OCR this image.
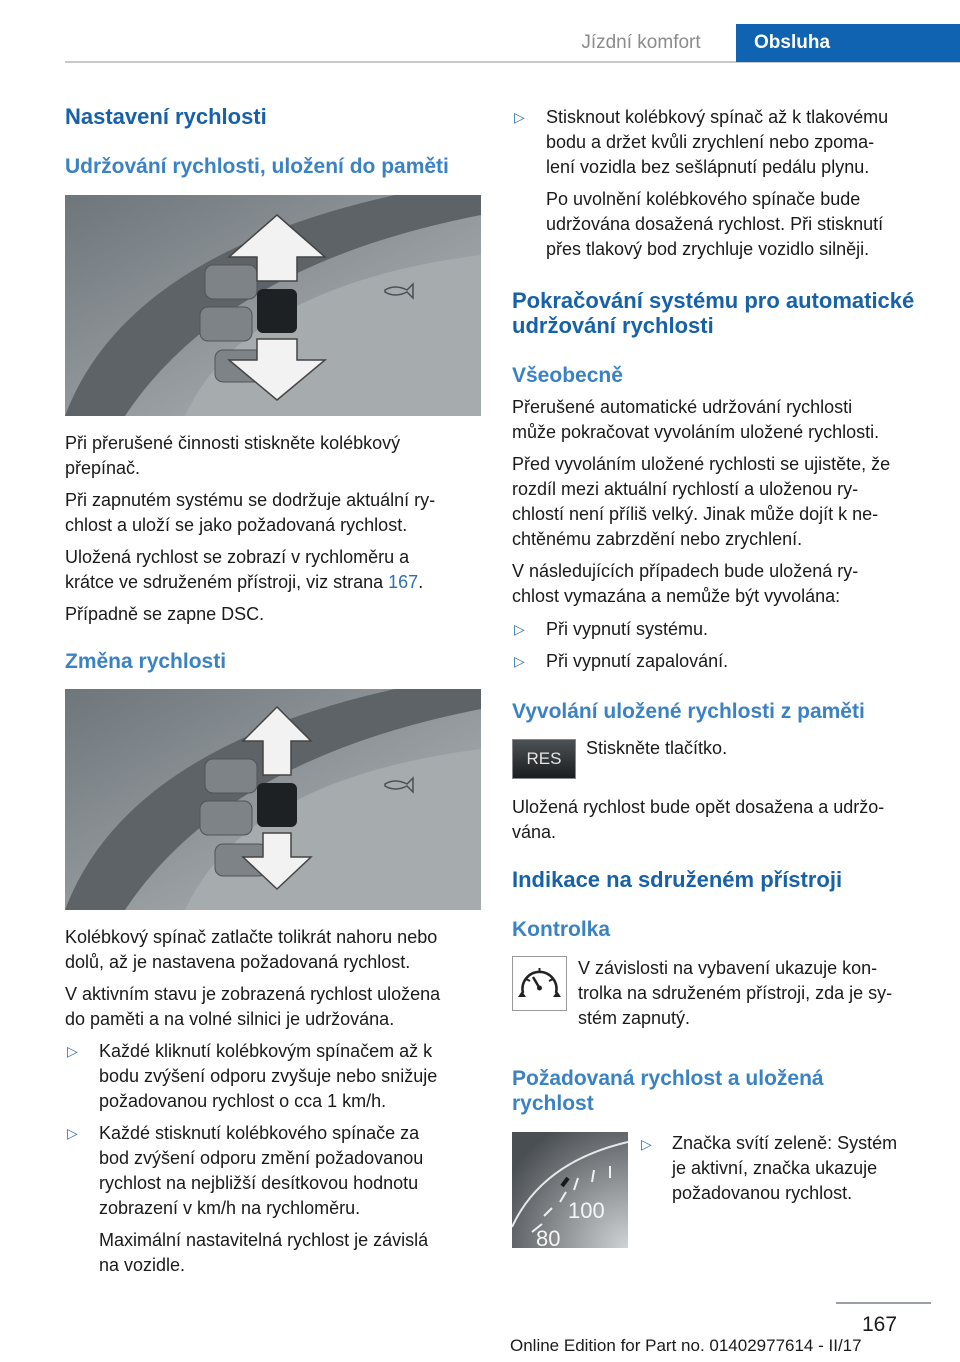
Jízdní komfort	Obsluha
Nastavení rychlosti
Udržování rychlosti, uložení do paměti

Při přerušené činnosti stiskněte kolébkový

přepínač.

Při zapnutém systému se dodržuje aktuální ry‐

chlost a uloží se jako požadovaná rychlost.

Uložená rychlost se zobrazí v rychloměru a

krátce ve sdruženém přístroji, viz strana 167.

Případně se zapne DSC.

Změna rychlosti

Kolébkový spínač zatlačte tolikrát nahoru nebo

dolů, až je nastavena požadovaná rychlost.

V aktivním stavu je zobrazená rychlost uložena

do paměti a na volné silnici je udržována.

▷ Každé kliknutí kolébkovým spínačem až k

bodu zvýšení odporu zvyšuje nebo snižuje

požadovanou rychlost o cca 1 km/h.

▷ Každé stisknutí kolébkového spínače za

bod zvýšení odporu změní požadovanou

rychlost na nejbližší desítkovou hodnotu

zobrazení v km/h na rychloměru.

Maximální nastavitelná rychlost je závislá

na vozidle.

▷ Stisknout kolébkový spínač až k tlakovému

bodu a držet kvůli zrychlení nebo zpoma‐

lení vozidla bez sešlápnutí pedálu plynu.

Po uvolnění kolébkového spínače bude

udržována dosažená rychlost. Při stisknutí

přes tlakový bod zrychluje vozidlo silněji.

Pokračování systému pro automatické
udržování rychlosti
Všeobecně

Přerušené automatické udržování rychlosti

může pokračovat vyvoláním uložené rychlosti.

Před vyvoláním uložené rychlosti se ujistěte, že

rozdíl mezi aktuální rychlostí a uloženou ry‐

chlostí není příliš velký. Jinak může dojít k ne‐

chtěnému zabrzdění nebo zrychlení.

V následujících případech bude uložená ry‐

chlost vymazána a nemůže být vyvolána:

▷ Při vypnutí systému.

▷ Při vypnutí zapalování.

Vyvolání uložené rychlosti z paměti
RES

Stiskněte tlačítko.

Uložená rychlost bude opět dosažena a udržo‐

vána.

Indikace na sdruženém přístroji
Kontrolka

V závislosti na vybavení ukazuje kon‐

trolka na sdruženém přístroji, zda je sy‐

stém zapnutý.

Požadovaná rychlost a uložená
rychlost
100
80
▷ Značka svítí zeleně: Systém

je aktivní, značka ukazuje

požadovanou rychlost.

167
Online Edition for Part no. 01402977614 - II/17
